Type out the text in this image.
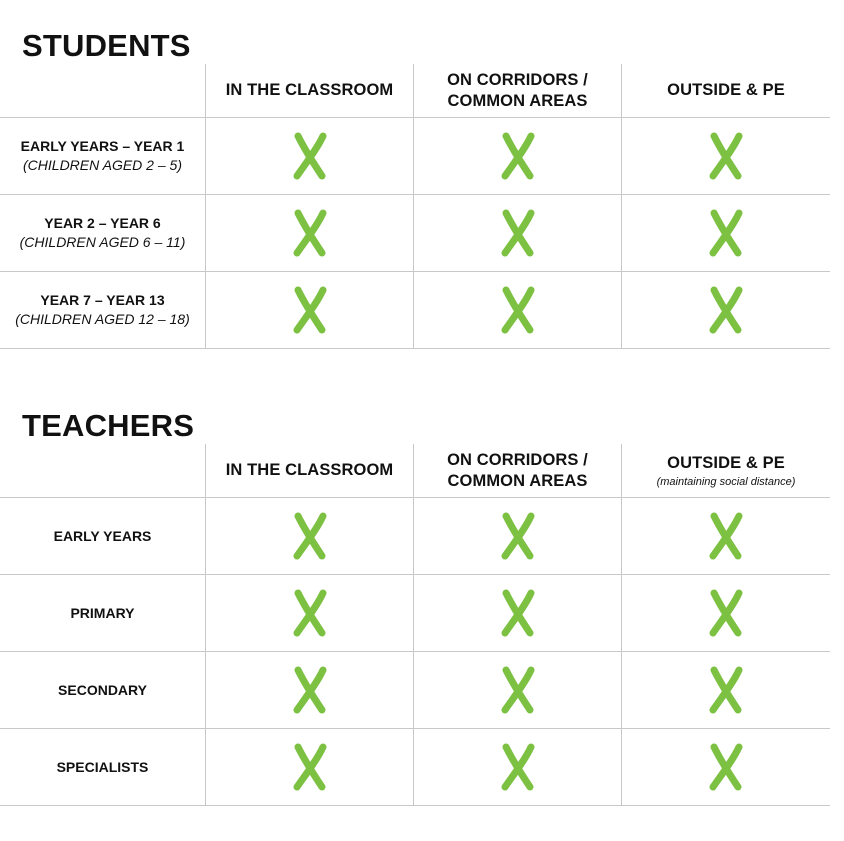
STUDENTS
IN THE CLASSROOM
ON CORRIDORS /
COMMON AREAS
OUTSIDE & PE
EARLY YEARS – YEAR 1
(CHILDREN AGED 2 – 5)
YEAR 2 – YEAR 6
(CHILDREN AGED 6 – 11)
YEAR 7 – YEAR 13
(CHILDREN AGED 12 – 18)
TEACHERS
IN THE CLASSROOM
ON CORRIDORS /
COMMON AREAS
OUTSIDE & PE
(maintaining social distance)
EARLY YEARS
PRIMARY
SECONDARY
SPECIALISTS
